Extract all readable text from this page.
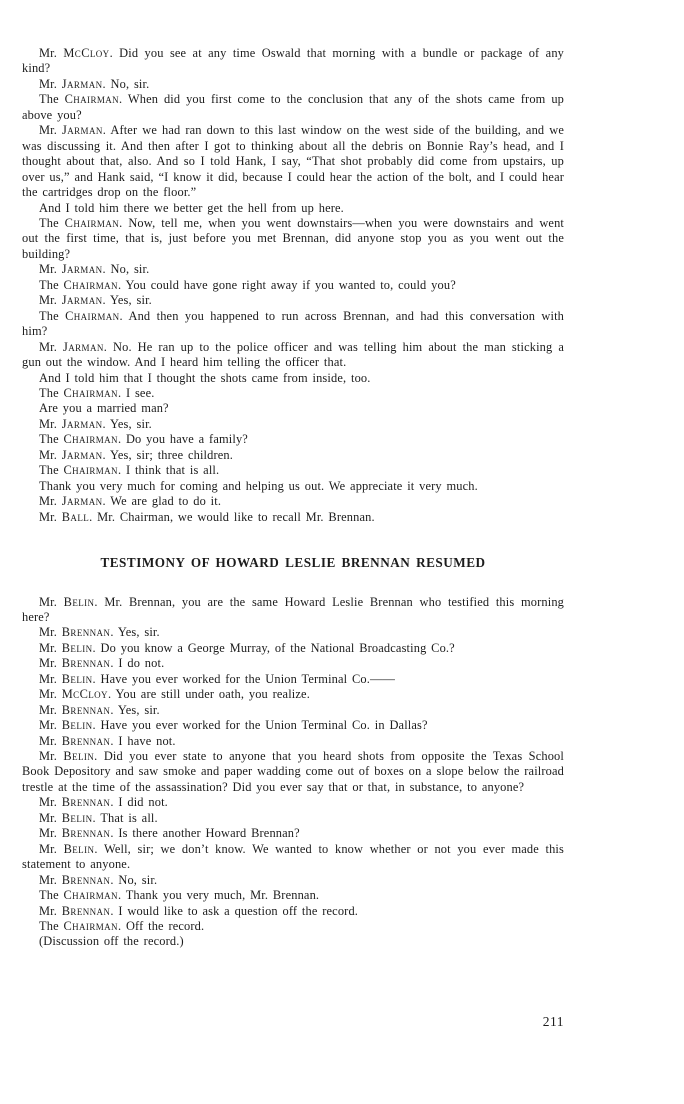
Mr. McCloy. Did you see at any time Oswald that morning with a bundle or package of any kind?

Mr. Jarman. No, sir.

The Chairman. When did you first come to the conclusion that any of the shots came from up above you?

Mr. Jarman. After we had ran down to this last window on the west side of the building, and we was discussing it. And then after I got to thinking about all the debris on Bonnie Ray’s head, and I thought about that, also. And so I told Hank, I say, “That shot probably did come from upstairs, up over us,” and Hank said, “I know it did, because I could hear the action of the bolt, and I could hear the cartridges drop on the floor.”

And I told him there we better get the hell from up here.

The Chairman. Now, tell me, when you went downstairs—when you were downstairs and went out the first time, that is, just before you met Brennan, did anyone stop you as you went out the building?

Mr. Jarman. No, sir.

The Chairman. You could have gone right away if you wanted to, could you?

Mr. Jarman. Yes, sir.

The Chairman. And then you happened to run across Brennan, and had this conversation with him?

Mr. Jarman. No. He ran up to the police officer and was telling him about the man sticking a gun out the window. And I heard him telling the officer that.

And I told him that I thought the shots came from inside, too.

The Chairman. I see.

Are you a married man?

Mr. Jarman. Yes, sir.

The Chairman. Do you have a family?

Mr. Jarman. Yes, sir; three children.

The Chairman. I think that is all.

Thank you very much for coming and helping us out. We appreciate it very much.

Mr. Jarman. We are glad to do it.

Mr. Ball. Mr. Chairman, we would like to recall Mr. Brennan.

TESTIMONY OF HOWARD LESLIE BRENNAN RESUMED

Mr. Belin. Mr. Brennan, you are the same Howard Leslie Brennan who testified this morning here?

Mr. Brennan. Yes, sir.

Mr. Belin. Do you know a George Murray, of the National Broadcasting Co.?

Mr. Brennan. I do not.

Mr. Belin. Have you ever worked for the Union Terminal Co.——

Mr. McCloy. You are still under oath, you realize.

Mr. Brennan. Yes, sir.

Mr. Belin. Have you ever worked for the Union Terminal Co. in Dallas?

Mr. Brennan. I have not.

Mr. Belin. Did you ever state to anyone that you heard shots from opposite the Texas School Book Depository and saw smoke and paper wadding come out of boxes on a slope below the railroad trestle at the time of the assassination? Did you ever say that or that, in substance, to anyone?

Mr. Brennan. I did not.

Mr. Belin. That is all.

Mr. Brennan. Is there another Howard Brennan?

Mr. Belin. Well, sir; we don’t know. We wanted to know whether or not you ever made this statement to anyone.

Mr. Brennan. No, sir.

The Chairman. Thank you very much, Mr. Brennan.

Mr. Brennan. I would like to ask a question off the record.

The Chairman. Off the record.

(Discussion off the record.)

211
